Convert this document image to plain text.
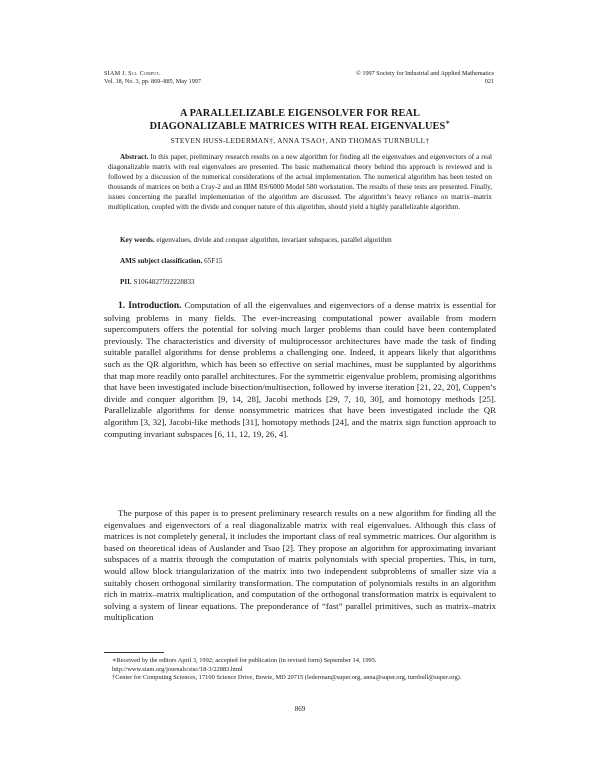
SIAM J. Sci. Comput.
Vol. 18, No. 3, pp. 869–885, May 1997
© 1997 Society for Industrial and Applied Mathematics
021
A PARALLELIZABLE EIGENSOLVER FOR REAL
DIAGONALIZABLE MATRICES WITH REAL EIGENVALUES∗
STEVEN HUSS-LEDERMAN†, ANNA TSAO†, AND THOMAS TURNBULL†
Abstract. In this paper, preliminary research results on a new algorithm for finding all the eigenvalues and eigenvectors of a real diagonalizable matrix with real eigenvalues are presented. The basic mathematical theory behind this approach is reviewed and is followed by a discussion of the numerical considerations of the actual implementation. The numerical algorithm has been tested on thousands of matrices on both a Cray-2 and an IBM RS/6000 Model 580 workstation. The results of these tests are presented. Finally, issues concerning the parallel implementation of the algorithm are discussed. The algorithm’s heavy reliance on matrix–matrix multiplication, coupled with the divide and conquer nature of this algorithm, should yield a highly parallelizable algorithm.
Key words. eigenvalues, divide and conquer algorithm, invariant subspaces, parallel algorithm
AMS subject classification. 65F15
PII. S1064827592228833
1. Introduction. Computation of all the eigenvalues and eigenvectors of a dense matrix is essential for solving problems in many fields. The ever-increasing computational power available from modern supercomputers offers the potential for solving much larger problems than could have been contemplated previously. The characteristics and diversity of multiprocessor architectures have made the task of finding suitable parallel algorithms for dense problems a challenging one. Indeed, it appears likely that algorithms such as the QR algorithm, which has been so effective on serial machines, must be supplanted by algorithms that map more readily onto parallel architectures. For the symmetric eigenvalue problem, promising algorithms that have been investigated include bisection/multisection, followed by inverse iteration [21, 22, 20], Cuppen’s divide and conquer algorithm [9, 14, 28], Jacobi methods [29, 7, 10, 30], and homotopy methods [25]. Parallelizable algorithms for dense nonsymmetric matrices that have been investigated include the QR algorithm [3, 32], Jacobi-like methods [31], homotopy methods [24], and the matrix sign function approach to computing invariant subspaces [6, 11, 12, 19, 26, 4].
The purpose of this paper is to present preliminary research results on a new algorithm for finding all the eigenvalues and eigenvectors of a real diagonalizable matrix with real eigenvalues. Although this class of matrices is not completely general, it includes the important class of real symmetric matrices. Our algorithm is based on theoretical ideas of Auslander and Tsao [2]. They propose an algorithm for approximating invariant subspaces of a matrix through the computation of matrix polynomials with special properties. This, in turn, would allow block triangularization of the matrix into two independent subproblems of smaller size via a suitably chosen orthogonal similarity transformation. The computation of polynomials results in an algorithm rich in matrix–matrix multiplication, and computation of the orthogonal transformation matrix is equivalent to solving a system of linear equations. The preponderance of “fast” parallel primitives, such as matrix–matrix multiplication
∗Received by the editors April 3, 1992; accepted for publication (in revised form) September 14, 1995.
http://www.siam.org/journals/sisc/18-3/22883.html
†Center for Computing Sciences, 17100 Science Drive, Bowie, MD 20715 (lederman@super.org, anna@super.org, turnbull@super.org).
869
